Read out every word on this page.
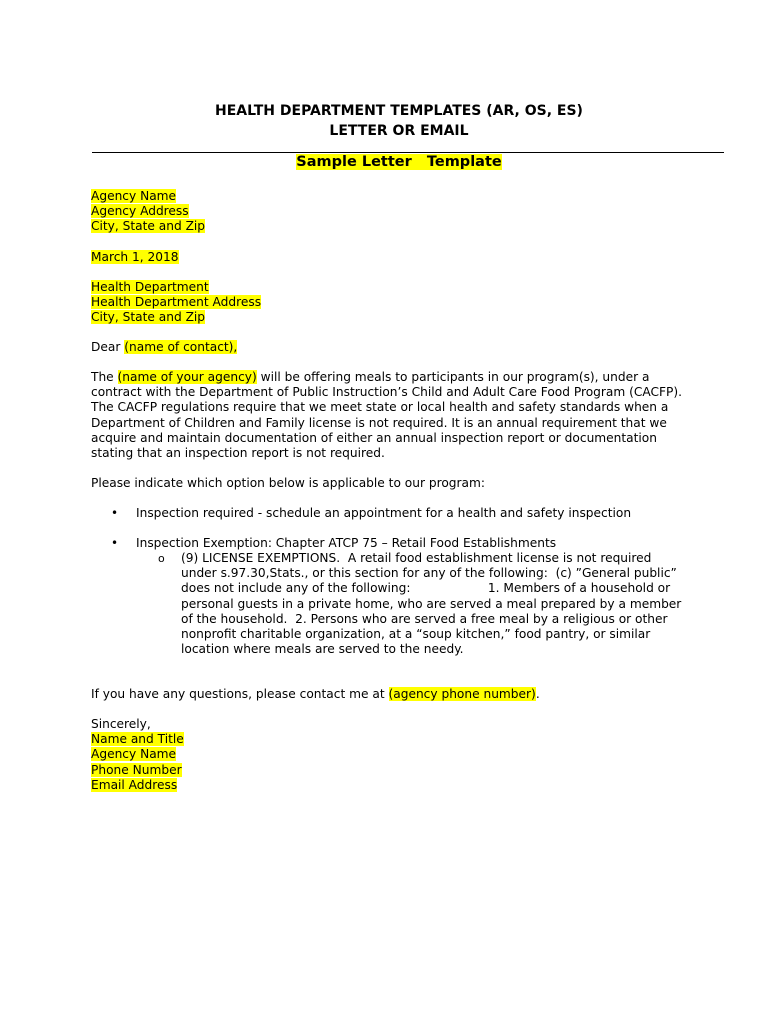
HEALTH DEPARTMENT TEMPLATES (AR, OS, ES)
LETTER OR EMAIL
Sample Letter   Template
Agency Name
Agency Address
City, State and Zip
March 1, 2018
Health Department
Health Department Address
City, State and Zip
Dear (name of contact),
The (name of your agency) will be offering meals to participants in our program(s), under a
contract with the Department of Public Instruction’s Child and Adult Care Food Program (CACFP).
The CACFP regulations require that we meet state or local health and safety standards when a
Department of Children and Family license is not required. It is an annual requirement that we
acquire and maintain documentation of either an annual inspection report or documentation
stating that an inspection report is not required.
Please indicate which option below is applicable to our program:
• Inspection required - schedule an appointment for a health and safety inspection
• Inspection Exemption: Chapter ATCP 75 – Retail Food Establishments
o (9) LICENSE EXEMPTIONS.  A retail food establishment license is not required
under s.97.30,Stats., or this section for any of the following:  (c) ”General public”
does not include any of the following:                    1. Members of a household or
personal guests in a private home, who are served a meal prepared by a member
of the household.  2. Persons who are served a free meal by a religious or other
nonprofit charitable organization, at a “soup kitchen,” food pantry, or similar
location where meals are served to the needy.
If you have any questions, please contact me at (agency phone number).
Sincerely,
Name and Title
Agency Name
Phone Number
Email Address
